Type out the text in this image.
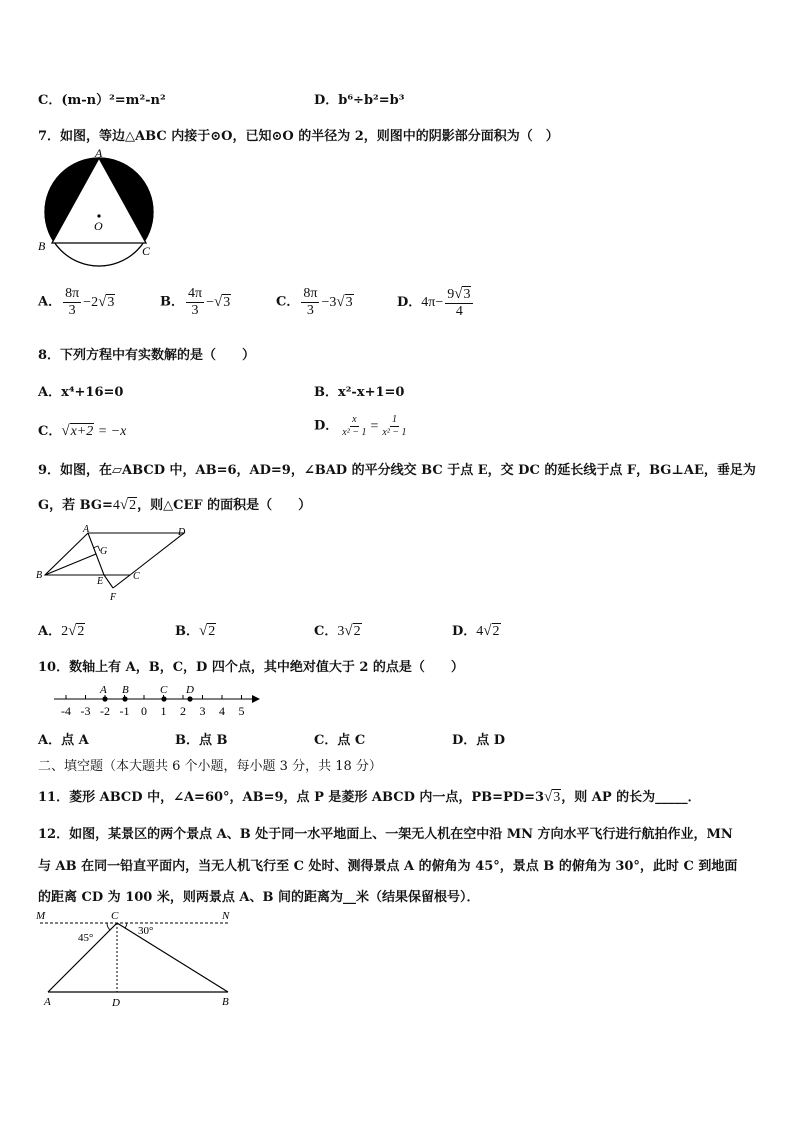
C．(m-n）²=m²-n²	D．b⁶÷b²=b³
7．如图，等边△ABC 内接于⊙O，已知⊙O 的半径为 2，则图中的阴影部分面积为（　）
A
B	C
O
A． $\frac{8\pi}{3} -2√3$	B． $\frac{4\pi}{3} -√3$	C． $\frac{8\pi}{3} -3√3$	D．$4\pi- \frac{9√3}{4}$
8．下列方程中有实数解的是（　　）
A．x⁴+16=0	B．x²-x+1=0
C．√x+2 = −x	D． $\frac{x}{\text{x² − 1}} = \frac{1}{\text{x² − 1}}$
9．如图，在▱ABCD 中，AB=6，AD=9，∠BAD 的平分线交 BC 于点 E，交 DC 的延长线于点 F，BG⊥AE，垂足为
G，若 BG=4√2，则△CEF 的面积是（　　）
A	D
B	C
G
E
F
A．2√2	B．√2	C．3√2	D．4√2
10．数轴上有 A，B，C，D 四个点，其中绝对值大于 2 的点是（　　）
-4 -3 -2 -1 0 1 2 3 4 5
A B	C D
A．点 A	B．点 B	C．点 C	D．点 D
二、填空题（本大题共 6 个小题，每小题 3 分，共 18 分）
11．菱形 ABCD 中，∠A=60°，AB=9，点 P 是菱形 ABCD 内一点，PB=PD=3√3，则 AP 的长为_____．
12．如图，某景区的两个景点 A、B 处于同一水平地面上、一架无人机在空中沿 MN 方向水平飞行进行航拍作业，MN
与 AB 在同一铅直平面内，当无人机飞行至 C 处时、测得景点 A 的俯角为 45°，景点 B 的俯角为 30°，此时 C 到地面
的距离 CD 为 100 米，则两景点 A、B 间的距离为__米（结果保留根号）．
M	C	N
45°
30°
A	D	B
